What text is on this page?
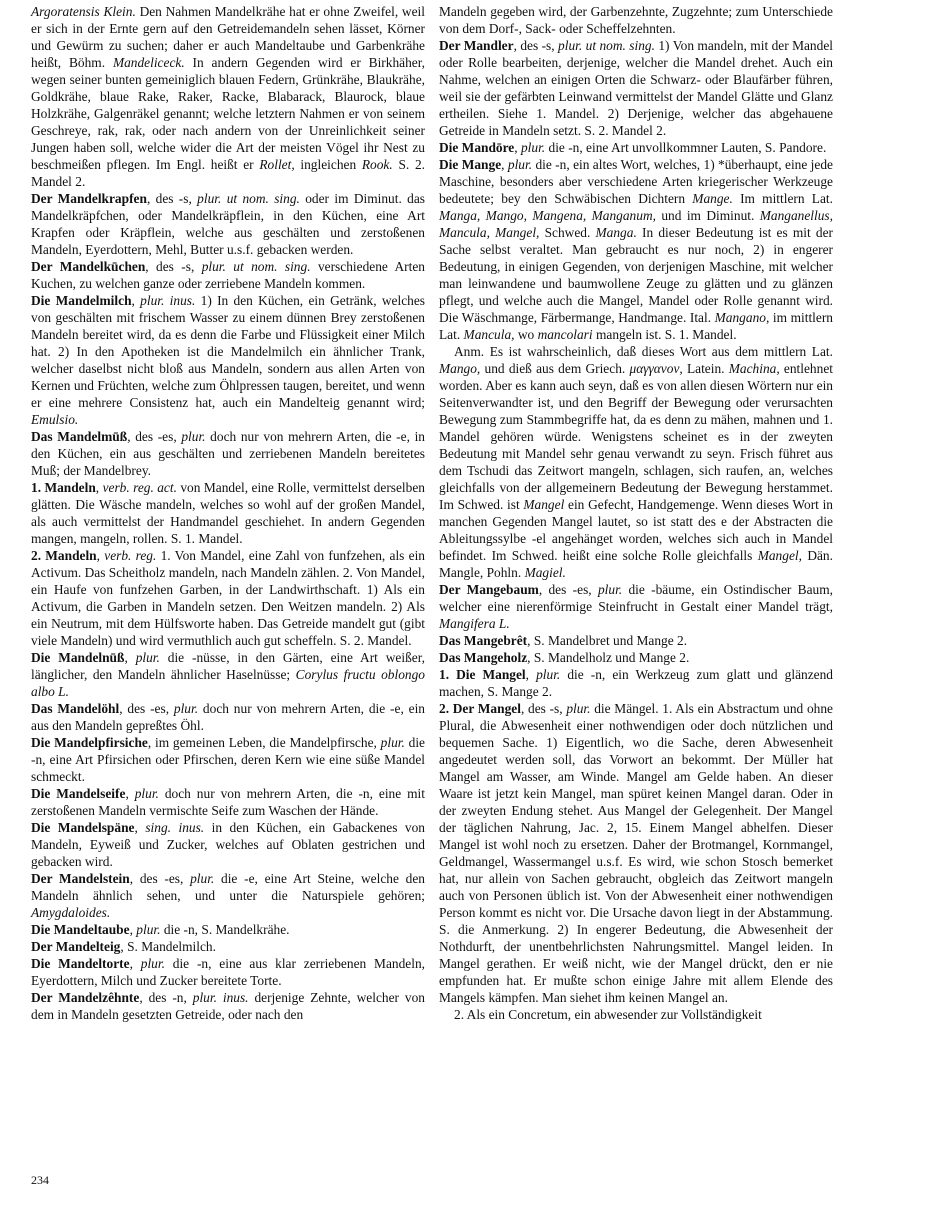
Argoratensis Klein. Den Nahmen Mandelkrähe hat er ohne Zweifel, weil er sich in der Ernte gern auf den Getreidemandeln sehen lässet, Körner und Gewürm zu suchen; daher er auch Mandeltaube und Garbenkrähe heißt, Böhm. Mandeliceck. In andern Gegenden wird er Birkhäher, wegen seiner bunten gemeiniglich blauen Federn, Grünkrähe, Blaukrähe, Goldkrähe, blaue Rake, Raker, Racke, Blabarack, Blaurock, blaue Holzkrähe, Galgenräkel genannt; welche letztern Nahmen er von seinem Geschreye, rak, rak, oder nach andern von der Unreinlichkeit seiner Jungen haben soll, welche wider die Art der meisten Vögel ihr Nest zu beschmeißen pflegen. Im Engl. heißt er Rollet, ingleichen Rook. S. 2. Mandel 2.

Der Mandelkrapfen, des -s, plur. ut nom. sing. oder im Diminut. das Mandelkräpfchen, oder Mandelkräpflein, in den Küchen, eine Art Krapfen oder Kräpflein, welche aus geschälten und zerstoßenen Mandeln, Eyerdottern, Mehl, Butter u.s.f. gebacken werden.

Der Mandelkūchen, des -s, plur. ut nom. sing. verschiedene Arten Kuchen, zu welchen ganze oder zerriebene Mandeln kommen.

Die Mandelmilch, plur. inus. 1) In den Küchen, ein Getränk, welches von geschälten mit frischem Wasser zu einem dünnen Brey zerstoßenen Mandeln bereitet wird, da es denn die Farbe und Flüssigkeit einer Milch hat. 2) In den Apotheken ist die Mandelmilch ein ähnlicher Trank, welcher daselbst nicht bloß aus Mandeln, sondern aus allen Arten von Kernen und Früchten, welche zum Öhlpressen taugen, bereitet, und wenn er eine mehrere Consistenz hat, auch ein Mandelteig genannt wird; Emulsio.

Das Mandelmūß, des -es, plur. doch nur von mehrern Arten, die -e, in den Küchen, ein aus geschälten und zerriebenen Mandeln bereitetes Muß; der Mandelbrey.

1. Mandeln, verb. reg. act. von Mandel, eine Rolle, vermittelst derselben glätten. Die Wäsche mandeln, welches so wohl auf der großen Mandel, als auch vermittelst der Handmandel geschiehet. In andern Gegenden mangen, mangeln, rollen. S. 1. Mandel.

2. Mandeln, verb. reg. 1. Von Mandel, eine Zahl von funfzehen, als ein Activum. Das Scheitholz mandeln, nach Mandeln zählen. 2. Von Mandel, ein Haufe von funfzehen Garben, in der Landwirthschaft. 1) Als ein Activum, die Garben in Mandeln setzen. Den Weitzen mandeln. 2) Als ein Neutrum, mit dem Hülfsworte haben. Das Getreide mandelt gut (gibt viele Mandeln) und wird vermuthlich auch gut scheffeln. S. 2. Mandel.

Die Mandelnūß, plur. die -nüsse, in den Gärten, eine Art weißer, länglicher, den Mandeln ähnlicher Haselnüsse; Corylus fructu oblongo albo L.

Das Mandelöhl, des -es, plur. doch nur von mehrern Arten, die -e, ein aus den Mandeln gepreßtes Öhl.

Die Mandelpfirsiche, im gemeinen Leben, die Mandelpfirsche, plur. die -n, eine Art Pfirsichen oder Pfirschen, deren Kern wie eine süße Mandel schmeckt.

Die Mandelseife, plur. doch nur von mehrern Arten, die -n, eine mit zerstoßenen Mandeln vermischte Seife zum Waschen der Hände.

Die Mandelspäne, sing. inus. in den Küchen, ein Gabackenes von Mandeln, Eyweiß und Zucker, welches auf Oblaten gestrichen und gebacken wird.

Der Mandelstein, des -es, plur. die -e, eine Art Steine, welche den Mandeln ähnlich sehen, und unter die Naturspiele gehören; Amygdaloides.

Die Mandeltaube, plur. die -n, S. Mandelkrähe.

Der Mandelteig, S. Mandelmilch.

Die Mandeltorte, plur. die -n, eine aus klar zerriebenen Mandeln, Eyerdottern, Milch und Zucker bereitete Torte.

Der Mandelzêhnte, des -n, plur. inus. derjenige Zehnte, welcher von dem in Mandeln gesetzten Getreide, oder nach den

Mandeln gegeben wird, der Garbenzehnte, Zugzehnte; zum Unterschiede von dem Dorf-, Sack- oder Scheffelzehnten.

Der Mandler, des -s, plur. ut nom. sing. 1) Von mandeln, mit der Mandel oder Rolle bearbeiten, derjenige, welcher die Mandel drehet. Auch ein Nahme, welchen an einigen Orten die Schwarz- oder Blaufärber führen, weil sie der gefärbten Leinwand vermittelst der Mandel Glätte und Glanz ertheilen. Siehe 1. Mandel. 2) Derjenige, welcher das abgehauene Getreide in Mandeln setzt. S. 2. Mandel 2.

Die Mandōre, plur. die -n, eine Art unvollkommner Lauten, S. Pandore.

Die Mange, plur. die -n, ein altes Wort, welches, 1) *überhaupt, eine jede Maschine, besonders aber verschiedene Arten kriegerischer Werkzeuge bedeutete; bey den Schwäbischen Dichtern Mange. Im mittlern Lat. Manga, Mango, Mangena, Manganum, und im Diminut. Manganellus, Mancula, Mangel, Schwed. Manga. In dieser Bedeutung ist es mit der Sache selbst veraltet. Man gebraucht es nur noch, 2) in engerer Bedeutung, in einigen Gegenden, von derjenigen Maschine, mit welcher man leinwandene und baumwollene Zeuge zu glätten und zu glänzen pflegt, und welche auch die Mangel, Mandel oder Rolle genannt wird. Die Wäschmange, Färbermange, Handmange. Ital. Mangano, im mittlern Lat. Mancula, wo mancolari mangeln ist. S. 1. Mandel.

Anm. Es ist wahrscheinlich, daß dieses Wort aus dem mittlern Lat. Mango, und dieß aus dem Griech. μαγγανον, Latein. Machina, entlehnet worden. Aber es kann auch seyn, daß es von allen diesen Wörtern nur ein Seitenverwandter ist, und den Begriff der Bewegung oder verursachten Bewegung zum Stammbegriffe hat, da es denn zu mähen, mahnen und 1. Mandel gehören würde. Wenigstens scheinet es in der zweyten Bedeutung mit Mandel sehr genau verwandt zu seyn. Frisch führet aus dem Tschudi das Zeitwort mangeln, schlagen, sich raufen, an, welches gleichfalls von der allgemeinern Bedeutung der Bewegung herstammet. Im Schwed. ist Mangel ein Gefecht, Handgemenge. Wenn dieses Wort in manchen Gegenden Mangel lautet, so ist statt des e der Abstracten die Ableitungssylbe -el angehänget worden, welches sich auch in Mandel befindet. Im Schwed. heißt eine solche Rolle gleichfalls Mangel, Dän. Mangle, Pohln. Magiel.

Der Mangebaum, des -es, plur. die -bäume, ein Ostindischer Baum, welcher eine nierenförmige Steinfrucht in Gestalt einer Mandel trägt, Mangifera L.

Das Mangebrêt, S. Mandelbret und Mange 2.

Das Mangeholz, S. Mandelholz und Mange 2.

1. Die Mangel, plur. die -n, ein Werkzeug zum glatt und glänzend machen, S. Mange 2.

2. Der Mangel, des -s, plur. die Mängel. 1. Als ein Abstractum und ohne Plural, die Abwesenheit einer nothwendigen oder doch nützlichen und bequemen Sache. 1) Eigentlich, wo die Sache, deren Abwesenheit angedeutet werden soll, das Vorwort an bekommt. Der Müller hat Mangel am Wasser, am Winde. Mangel am Gelde haben. An dieser Waare ist jetzt kein Mangel, man spüret keinen Mangel daran. Oder in der zweyten Endung stehet. Aus Mangel der Gelegenheit. Der Mangel der täglichen Nahrung, Jac. 2, 15. Einem Mangel abhelfen. Dieser Mangel ist wohl noch zu ersetzen. Daher der Brotmangel, Kornmangel, Geldmangel, Wassermangel u.s.f. Es wird, wie schon Stosch bemerket hat, nur allein von Sachen gebraucht, obgleich das Zeitwort mangeln auch von Personen üblich ist. Von der Abwesenheit einer nothwendigen Person kommt es nicht vor. Die Ursache davon liegt in der Abstammung. S. die Anmerkung. 2) In engerer Bedeutung, die Abwesenheit der Nothdurft, der unentbehrlichsten Nahrungsmittel. Mangel leiden. In Mangel gerathen. Er weiß nicht, wie der Mangel drückt, den er nie empfunden hat. Er mußte schon einige Jahre mit allem Elende des Mangels kämpfen. Man siehet ihm keinen Mangel an.

2. Als ein Concretum, ein abwesender zur Vollständigkeit

234
